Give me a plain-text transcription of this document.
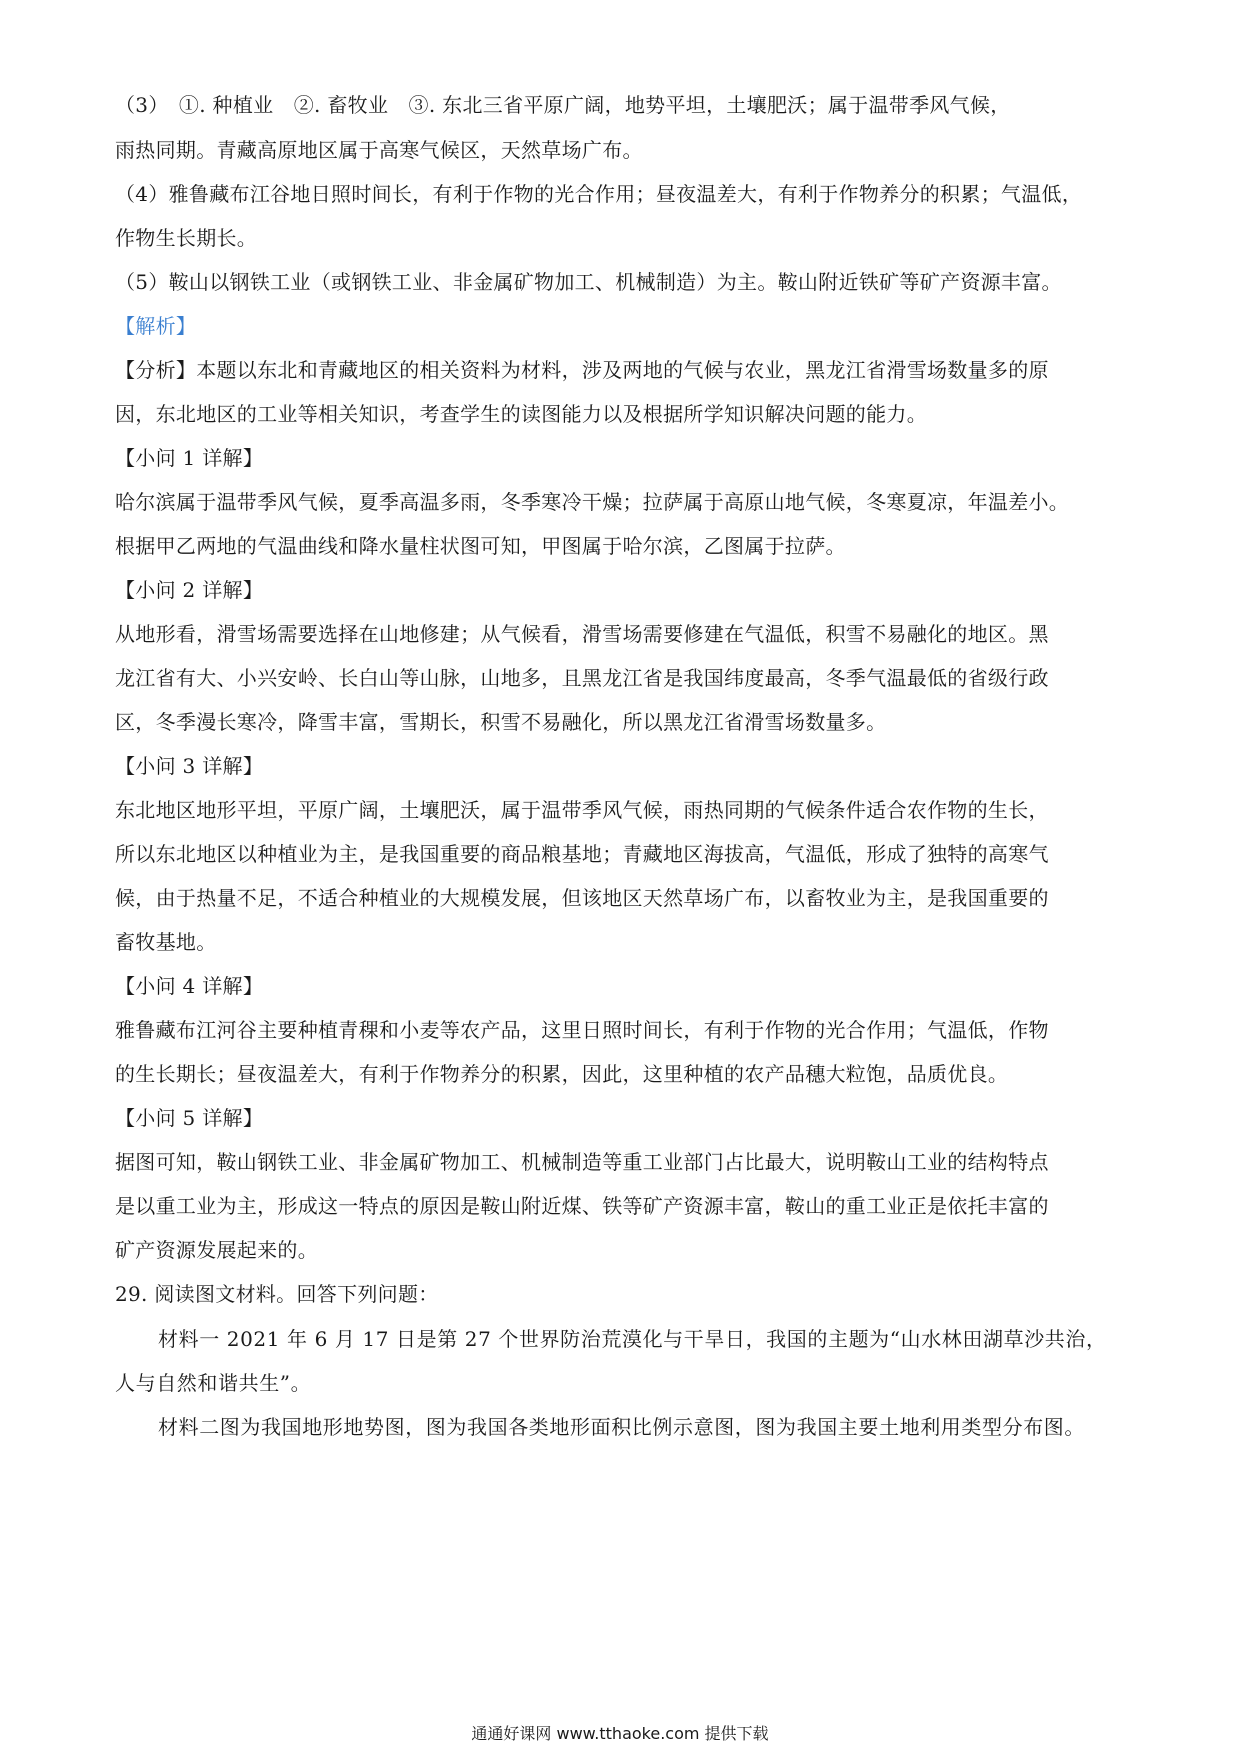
（3）　①. 种植业　②. 畜牧业　③. 东北三省平原广阔，地势平坦，土壤肥沃；属于温带季风气候，
雨热同期。青藏高原地区属于高寒气候区，天然草场广布。
（4）雅鲁藏布江谷地日照时间长，有利于作物的光合作用；昼夜温差大，有利于作物养分的积累；气温低，
作物生长期长。
（5）鞍山以钢铁工业（或钢铁工业、非金属矿物加工、机械制造）为主。鞍山附近铁矿等矿产资源丰富。
【解析】
【分析】本题以东北和青藏地区的相关资料为材料，涉及两地的气候与农业，黑龙江省滑雪场数量多的原
因，东北地区的工业等相关知识，考查学生的读图能力以及根据所学知识解决问题的能力。
【小问 1 详解】
哈尔滨属于温带季风气候，夏季高温多雨，冬季寒冷干燥；拉萨属于高原山地气候，冬寒夏凉，年温差小。
根据甲乙两地的气温曲线和降水量柱状图可知，甲图属于哈尔滨，乙图属于拉萨。
【小问 2 详解】
从地形看，滑雪场需要选择在山地修建；从气候看，滑雪场需要修建在气温低，积雪不易融化的地区。黑
龙江省有大、小兴安岭、长白山等山脉，山地多，且黑龙江省是我国纬度最高，冬季气温最低的省级行政
区，冬季漫长寒冷，降雪丰富，雪期长，积雪不易融化，所以黑龙江省滑雪场数量多。
【小问 3 详解】
东北地区地形平坦，平原广阔，土壤肥沃，属于温带季风气候，雨热同期的气候条件适合农作物的生长，
所以东北地区以种植业为主，是我国重要的商品粮基地；青藏地区海拔高，气温低，形成了独特的高寒气
候，由于热量不足，不适合种植业的大规模发展，但该地区天然草场广布，以畜牧业为主，是我国重要的
畜牧基地。
【小问 4 详解】
雅鲁藏布江河谷主要种植青稞和小麦等农产品，这里日照时间长，有利于作物的光合作用；气温低，作物
的生长期长；昼夜温差大，有利于作物养分的积累，因此，这里种植的农产品穗大粒饱，品质优良。
【小问 5 详解】
据图可知，鞍山钢铁工业、非金属矿物加工、机械制造等重工业部门占比最大，说明鞍山工业的结构特点
是以重工业为主，形成这一特点的原因是鞍山附近煤、铁等矿产资源丰富，鞍山的重工业正是依托丰富的
矿产资源发展起来的。
29. 阅读图文材料。回答下列问题：
材料一 2021 年 6 月 17 日是第 27 个世界防治荒漠化与干旱日，我国的主题为“山水林田湖草沙共治，
人与自然和谐共生”。
材料二图为我国地形地势图，图为我国各类地形面积比例示意图，图为我国主要土地利用类型分布图。
通通好课网 www.tthaoke.com 提供下载
